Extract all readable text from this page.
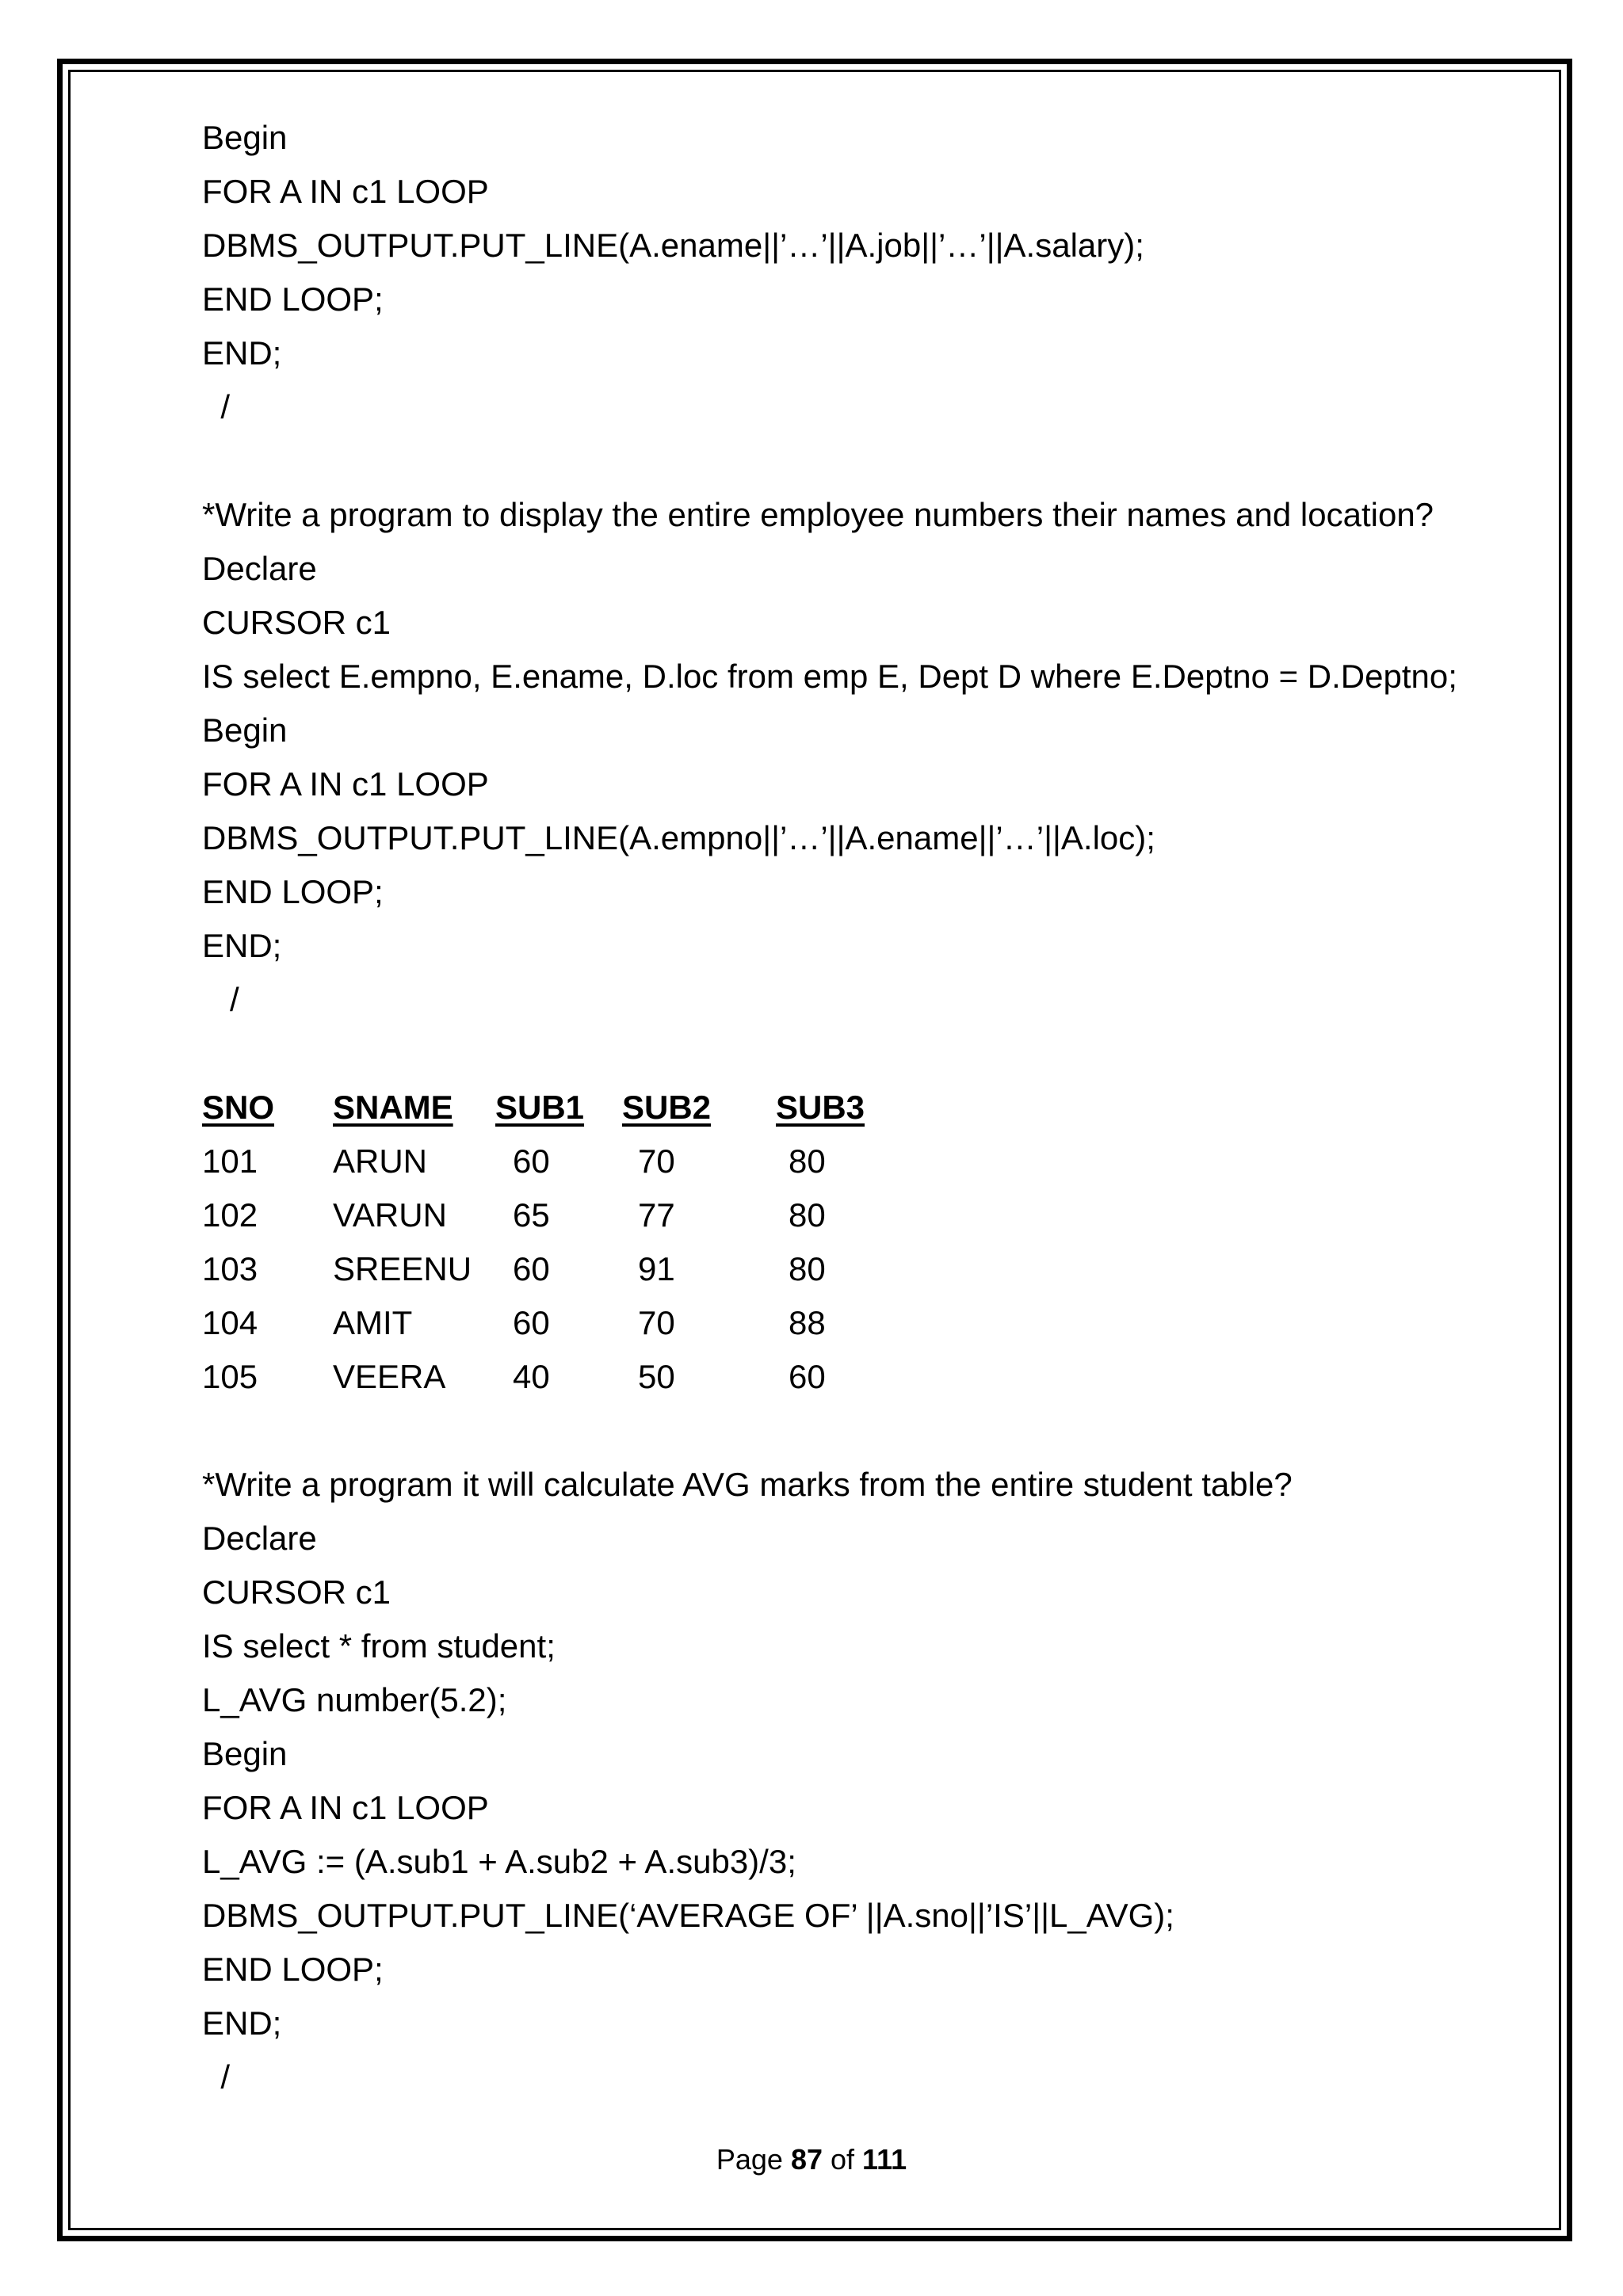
Begin
FOR A IN c1 LOOP
DBMS_OUTPUT.PUT_LINE(A.ename||’…’||A.job||’…’||A.salary);
END LOOP;
END;
/
*Write a program to display the entire employee numbers their names and location?
Declare
CURSOR c1
IS select E.empno, E.ename, D.loc from emp E, Dept D where E.Deptno = D.Deptno;
Begin
FOR A IN c1 LOOP
DBMS_OUTPUT.PUT_LINE(A.empno||’…’||A.ename||’…’||A.loc);
END LOOP;
END;
/
SNO SNAME SUB1 SUB2 SUB3
101 ARUN	60	70	80
102 VARUN 65	77	80
103 SREENU 60	91	80
104 AMIT	60	70	88
105 VEERA 40	50	60
*Write a program it will calculate AVG marks from the entire student table?
Declare
CURSOR c1
IS select * from student;
L_AVG number(5.2);
Begin
FOR A IN c1 LOOP
L_AVG := (A.sub1 + A.sub2 + A.sub3)/3;
DBMS_OUTPUT.PUT_LINE(‘AVERAGE OF’ ||A.sno||’IS’||L_AVG);
END LOOP;
END;
/
Page 87 of 111
